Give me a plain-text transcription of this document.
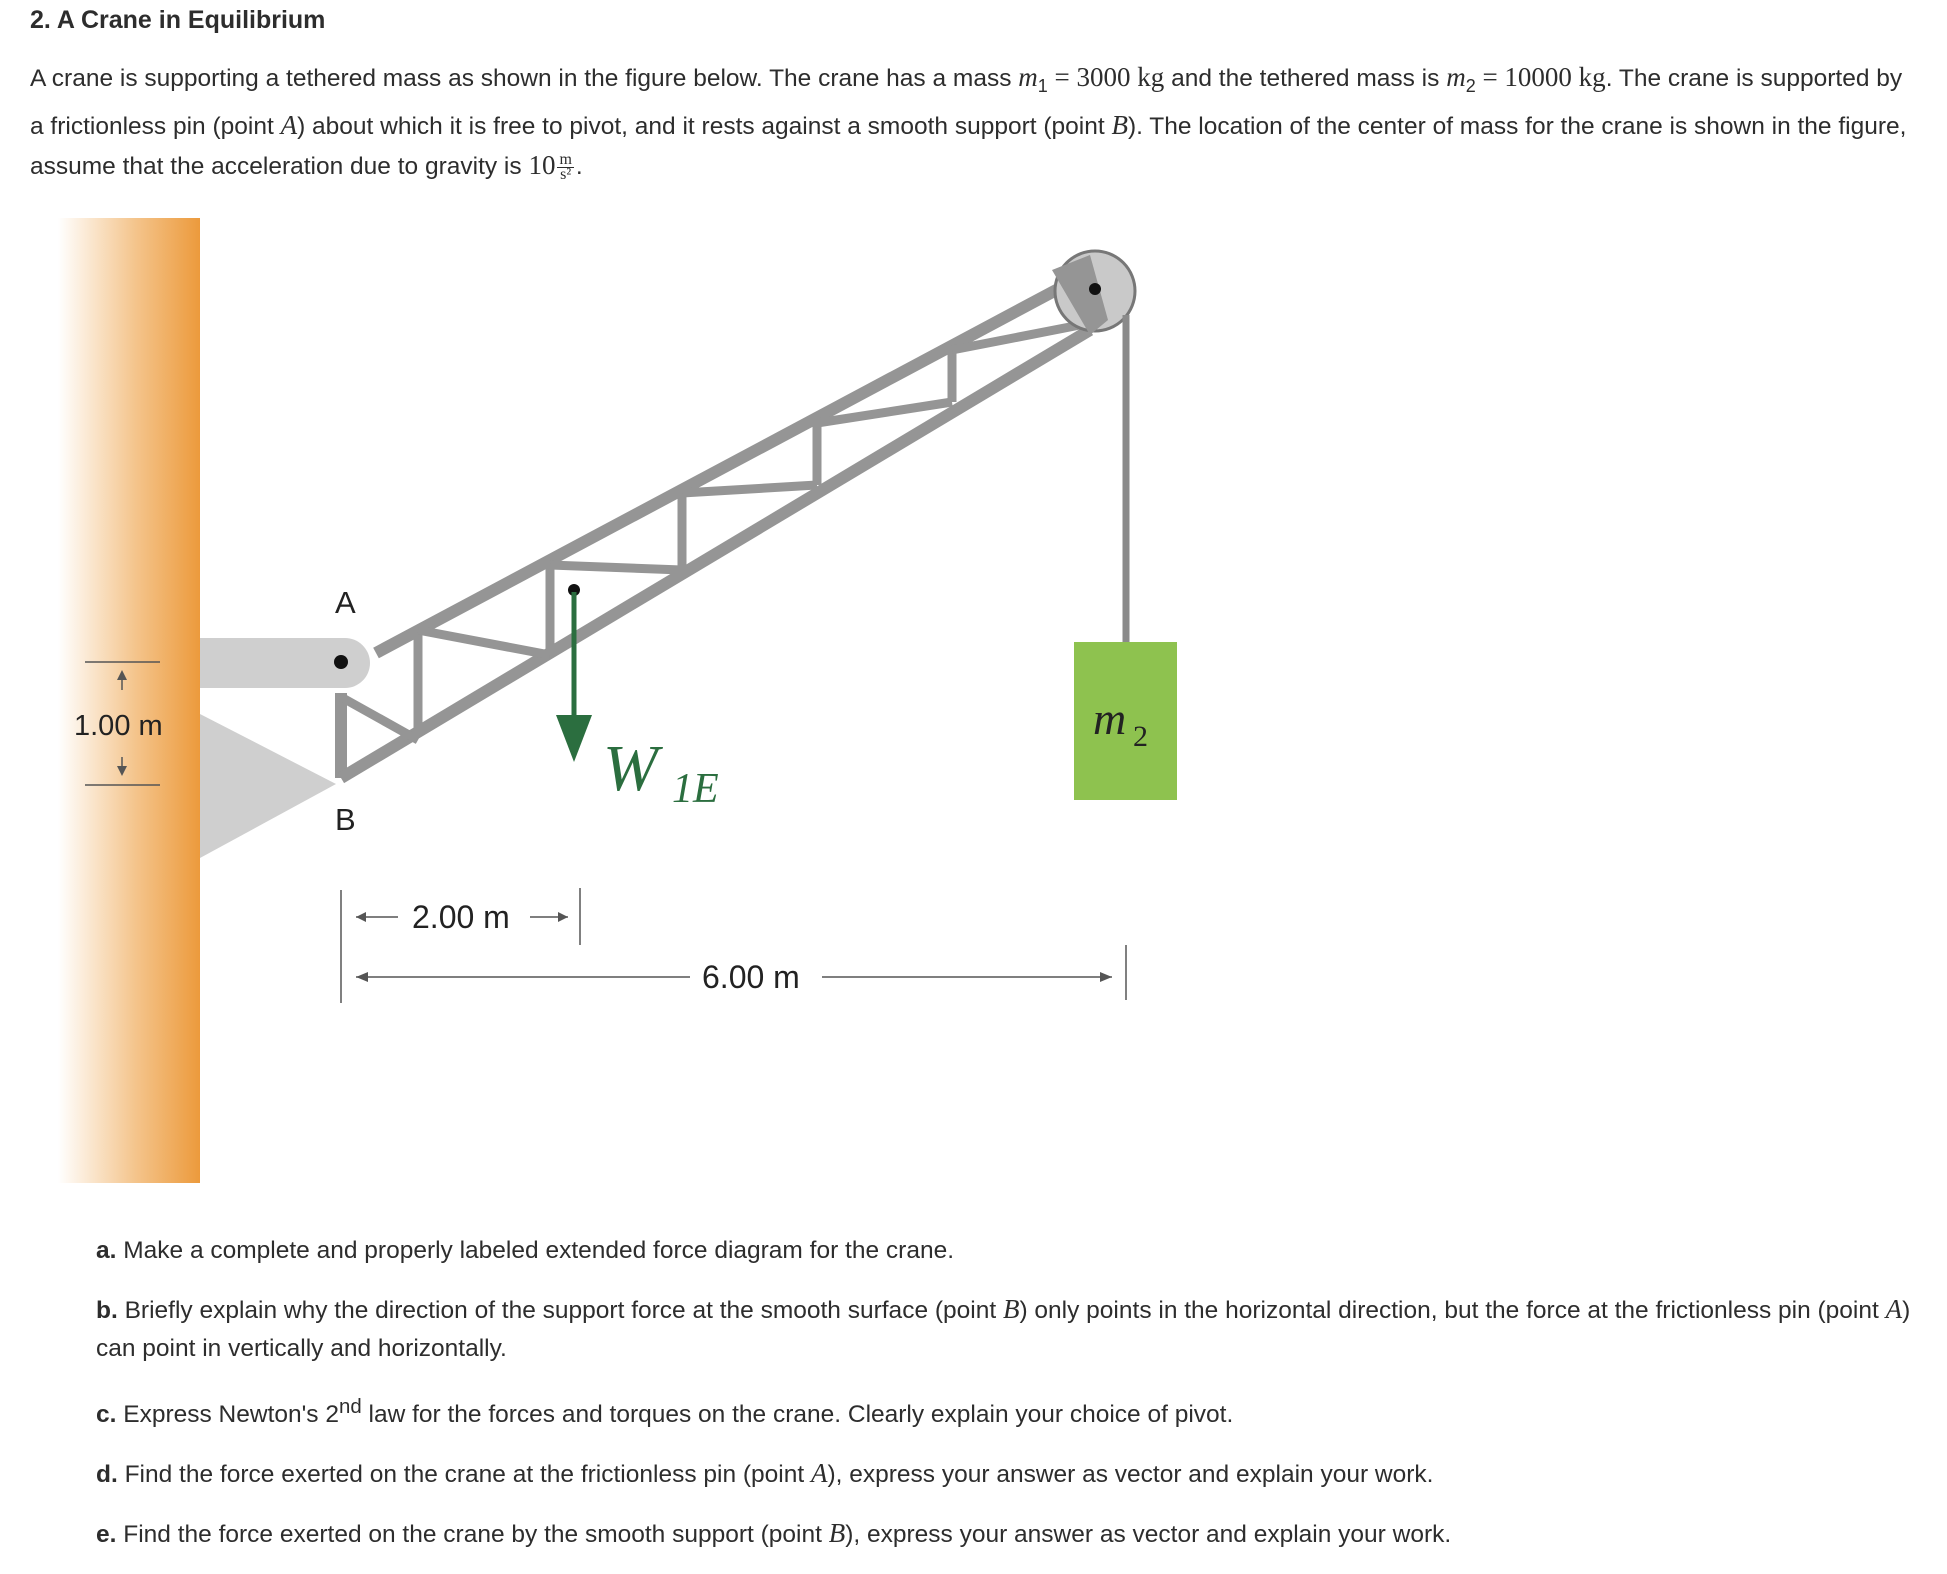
2. A Crane in Equilibrium

A crane is supporting a tethered mass as shown in the figure below. The crane has a mass $m_1 = 3000$ kg and the tethered mass is $m_2 = 10000$ kg. The crane is supported by a frictionless pin (point A) about which it is free to pivot, and it rests against a smooth support (point B). The location of the center of mass for the crane is shown in the figure, assume that the acceleration due to gravity is $10 \frac{m}{\text{s²}}$ .

m 2
A
B
W 1E
1.00 m
2.00 m
6.00 m

a. Make a complete and properly labeled extended force diagram for the crane.

b. Briefly explain why the direction of the support force at the smooth surface (point B) only points in the horizontal direction, but the force at the frictionless pin (point A) can point in vertically and horizontally.

c. Express Newton's 2nd law for the forces and torques on the crane. Clearly explain your choice of pivot.

d. Find the force exerted on the crane at the frictionless pin (point A), express your answer as vector and explain your work.

e. Find the force exerted on the crane by the smooth support (point B), express your answer as vector and explain your work.
